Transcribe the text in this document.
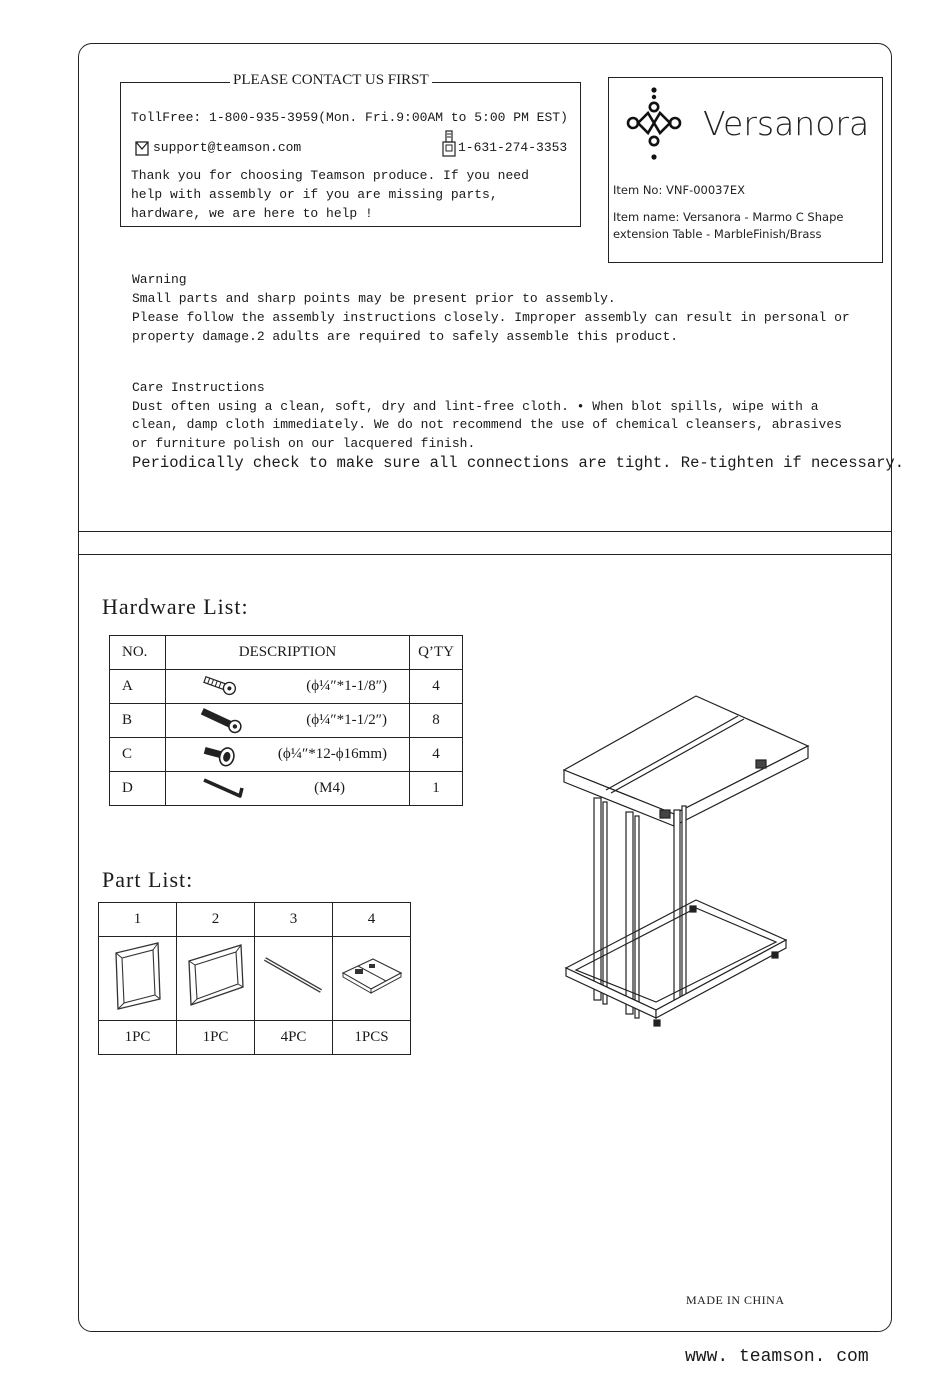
PLEASE CONTACT US FIRST
TollFree: 1-800-935-3959(Mon. Fri.9:00AM to 5:00 PM EST)
support@teamson.com	1-631-274-3353
Thank you for choosing Teamson produce. If you need
help with assembly or if you are missing parts,
hardware, we are here to help !
Versanora
Item No: VNF-00037EX
Item name: Versanora - Marmo C Shape
extension Table - MarbleFinish/Brass
Warning
Small parts and sharp points may be present prior to assembly.
Please follow the assembly instructions closely. Improper assembly can result in personal or
property damage.2 adults are required to safely assemble this product.
Care Instructions
Dust often using a clean, soft, dry and lint-free cloth. • When blot spills, wipe with a
clean, damp cloth immediately. We do not recommend the use of chemical cleansers, abrasives
or furniture polish on our lacquered finish.
Periodically check to make sure all connections are tight. Re-tighten if necessary.
Hardware List:
NO.	DESCRIPTION	Q’TY
A	(ϕ¼″*1-1/8″)	4
B	(ϕ¼″*1-1/2″)	8
C	(ϕ¼″*12-ϕ16mm)	4
D	(M4)	1
Part List:
1	2	3	4

1PC	1PC	4PC	1PCS
MADE IN CHINA
www. teamson. com
